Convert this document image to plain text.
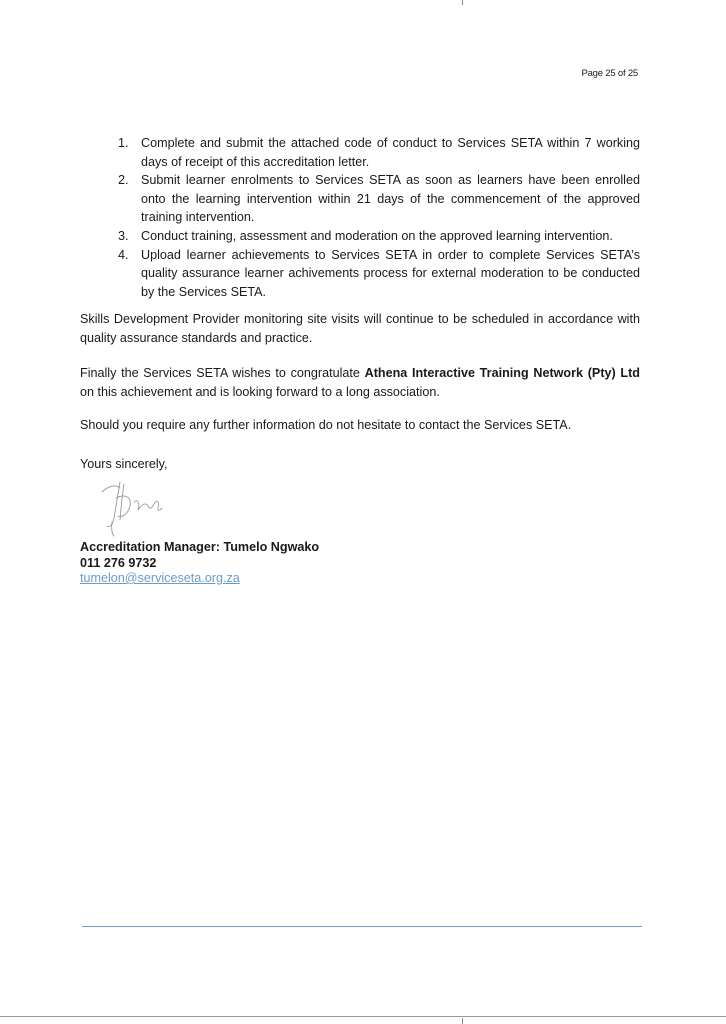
Page 25 of 25
1. Complete and submit the attached code of conduct to Services SETA within 7 working days of receipt of this accreditation letter.
2. Submit learner enrolments to Services SETA as soon as learners have been enrolled onto the learning intervention within 21 days of the commencement of the approved training intervention.
3. Conduct training, assessment and moderation on the approved learning intervention.
4. Upload learner achievements to Services SETA in order to complete Services SETA’s quality assurance learner achivements process for external moderation to be conducted by the Services SETA.

Skills Development Provider monitoring site visits will continue to be scheduled in accordance with quality assurance standards and practice.

Finally the Services SETA wishes to congratulate Athena Interactive Training Network (Pty) Ltd on this achievement and is looking forward to a long association.

Should you require any further information do not hesitate to contact the Services SETA.

Yours sincerely,

Accreditation Manager: Tumelo Ngwako
011 276 9732
tumelon@serviceseta.org.za
